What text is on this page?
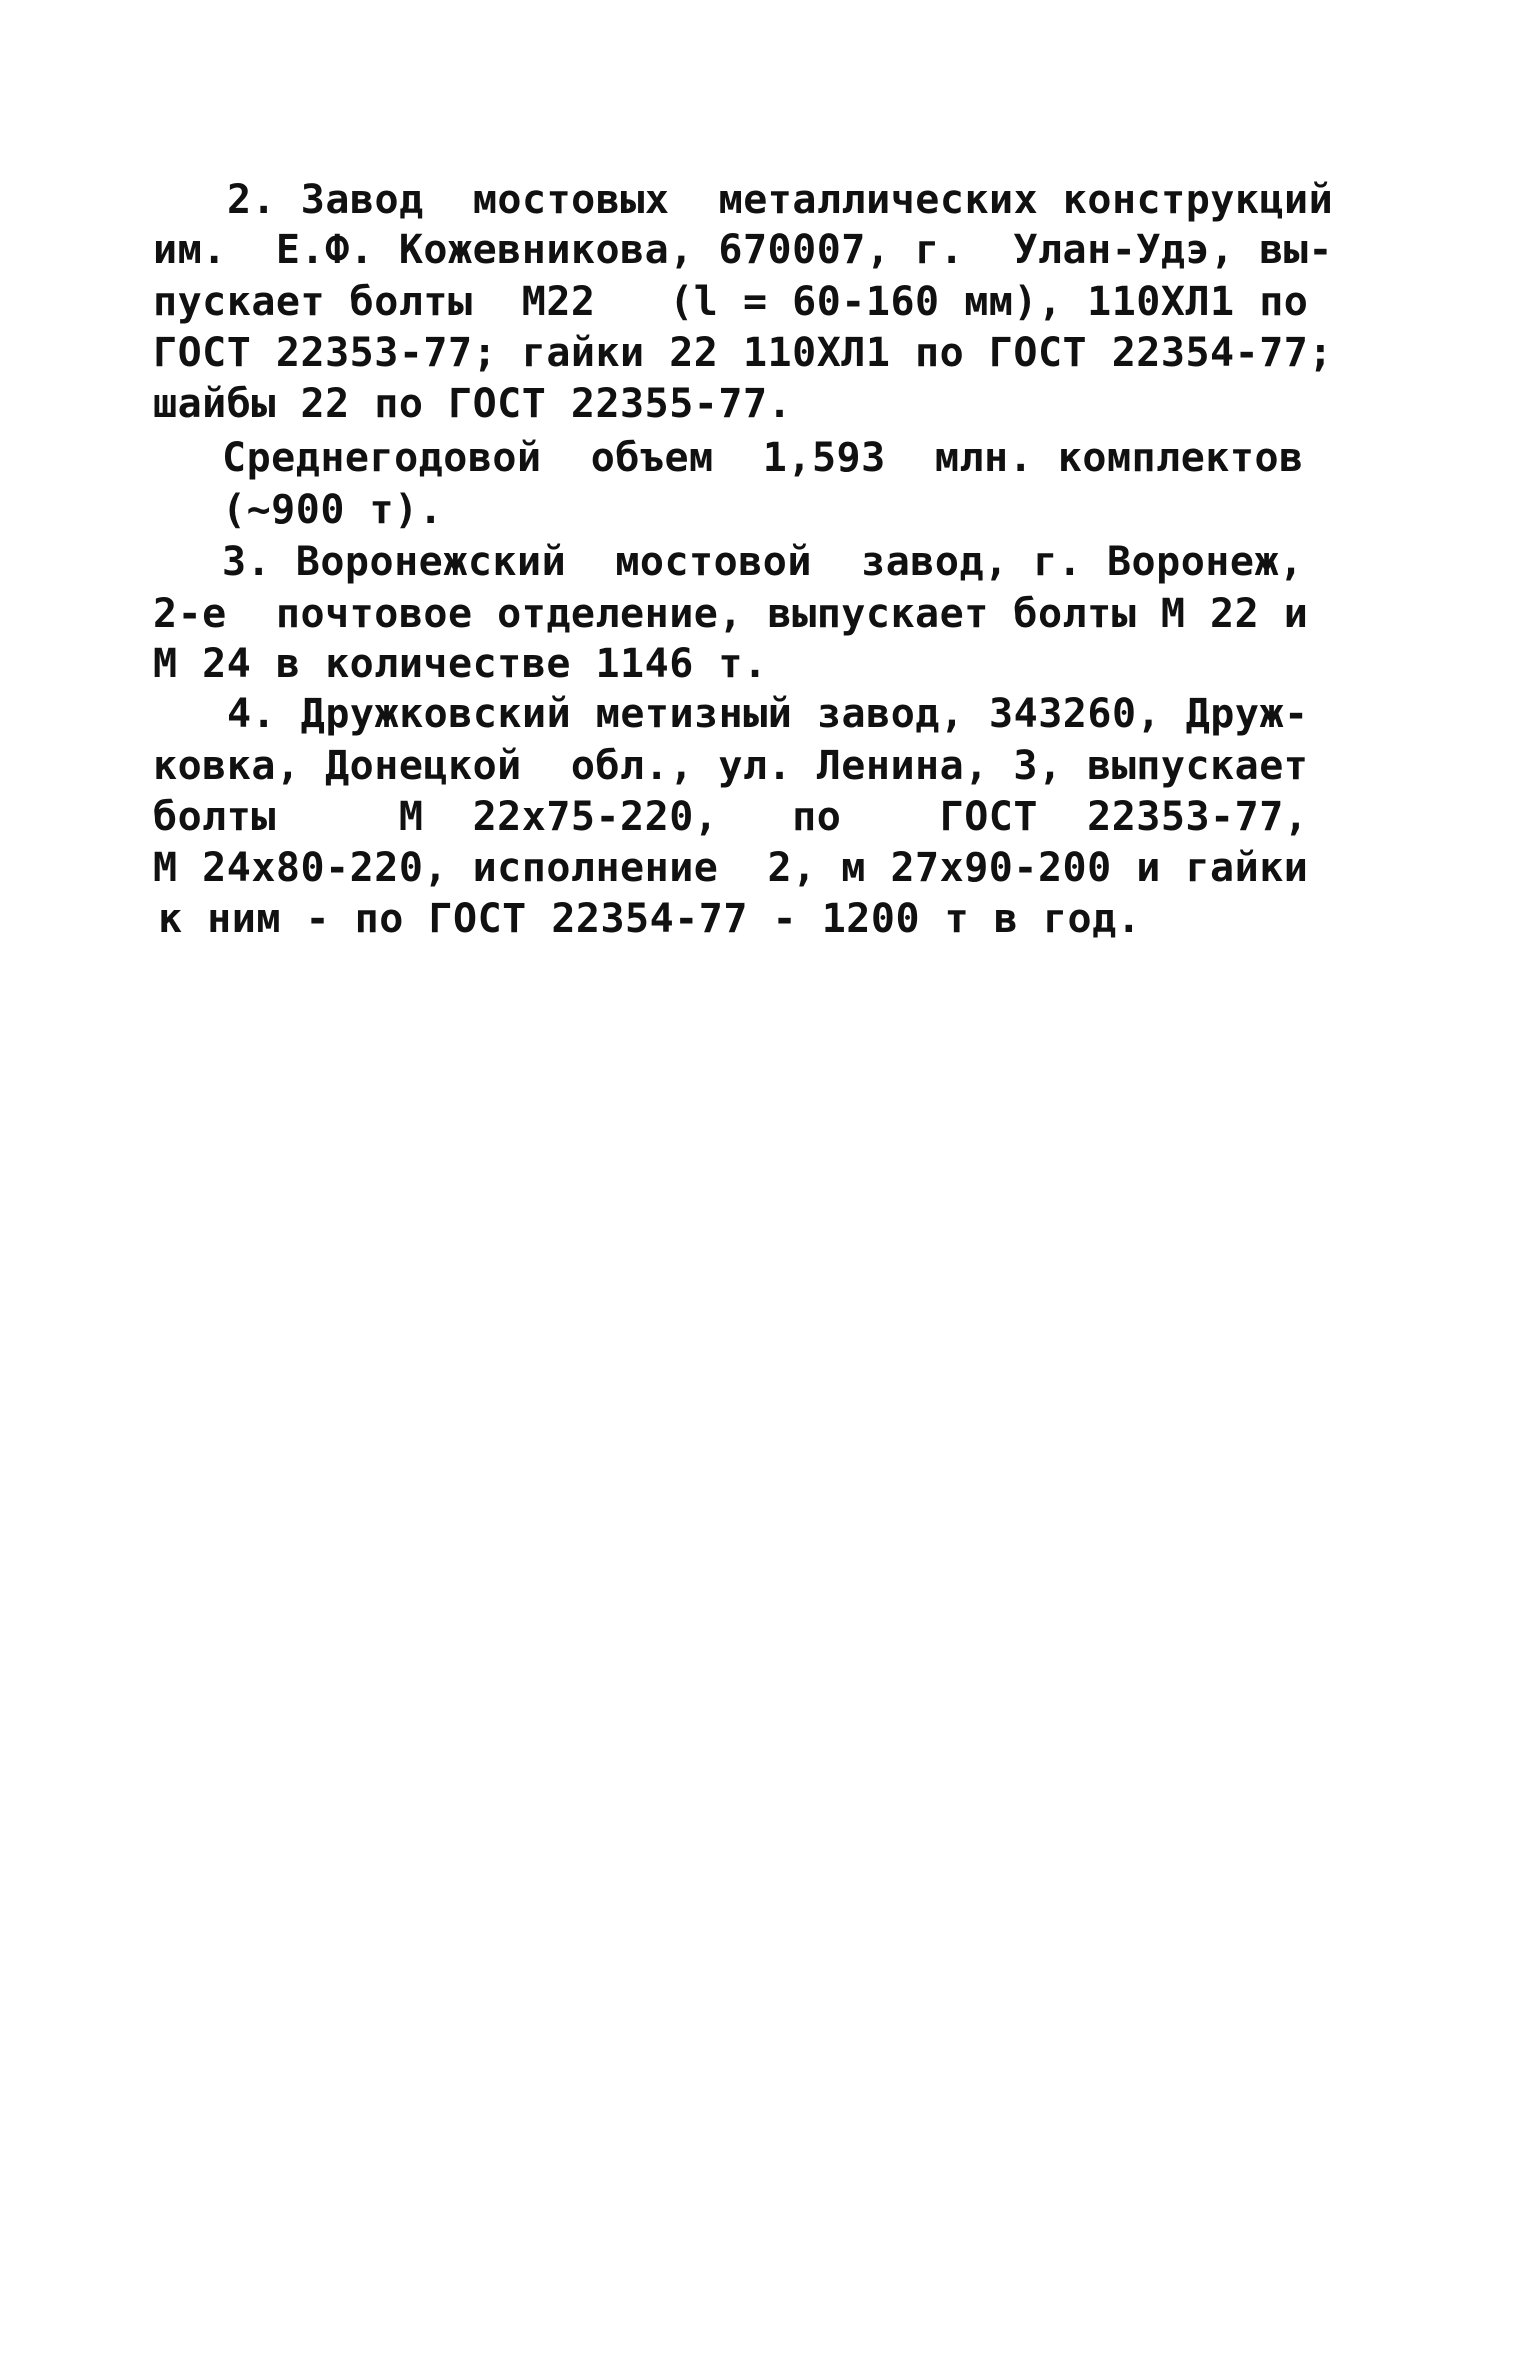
2. Завод  мостовых  металлических конструкций
им.  Е.Ф. Кожевникова, 670007, г.  Улан-Удэ, вы-
пускает болты  М22   (l = 60-160 мм), 110ХЛ1 по
ГОСТ 22353-77; гайки 22 110ХЛ1 по ГОСТ 22354-77;
шайбы 22 по ГОСТ 22355-77.
Среднегодовой  объем  1,593  млн. комплектов
(~900 т).
3. Воронежский  мостовой  завод, г. Воронеж,
2-е  почтовое отделение, выпускает болты М 22 и
М 24 в количестве 1146 т.
4. Дружковский метизный завод, 343260, Друж-
ковка, Донецкой  обл., ул. Ленина, 3, выпускает
болты     М  22х75-220,   по    ГОСТ  22353-77,
М 24х80-220, исполнение  2, м 27х90-200 и гайки
к ним - по ГОСТ 22354-77 - 1200 т в год.
